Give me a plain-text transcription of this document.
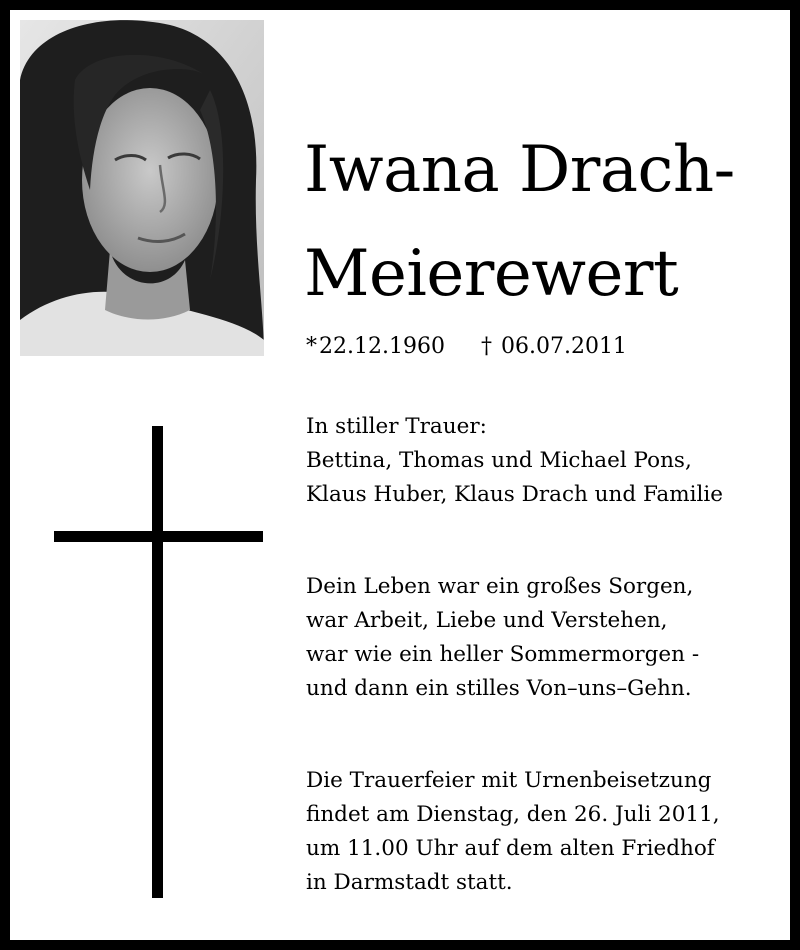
Iwana Drach-
Meierewert
*22.12.1960 † 06.07.2011
In stiller Trauer:
Bettina, Thomas und Michael Pons,
Klaus Huber, Klaus Drach und Familie
Dein Leben war ein großes Sorgen,
war Arbeit, Liebe und Verstehen,
war wie ein heller Sommermorgen -
und dann ein stilles Von–uns–Gehn.
Die Trauerfeier mit Urnenbeisetzung
findet am Dienstag, den 26. Juli 2011,
um 11.00 Uhr auf dem alten Friedhof
in Darmstadt statt.
